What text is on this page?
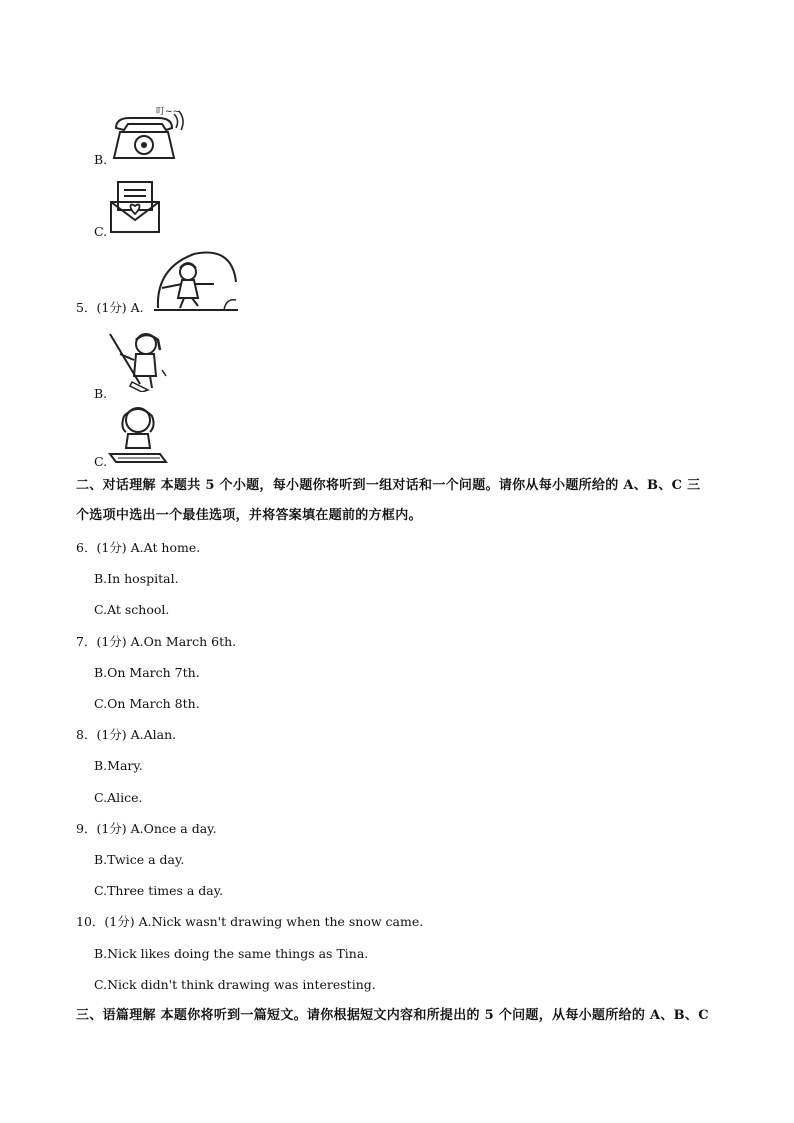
B.
叮~~
C.
5．(1分) A.
B.
C.
二、对话理解 本题共 5 个小题，每小题你将听到一组对话和一个问题。请你从每小题所给的 A、B、C 三
个选项中选出一个最佳选项，并将答案填在题前的方框内。
6．(1分) A.At home.
B.In hospital.
C.At school.
7．(1分) A.On March 6th.
B.On March 7th.
C.On March 8th.
8．(1分) A.Alan.
B.Mary.
C.Alice.
9．(1分) A.Once a day.
B.Twice a day.
C.Three times a day.
10．(1分) A.Nick wasn't drawing when the snow came.
B.Nick likes doing the same things as Tina.
C.Nick didn't think drawing was interesting.
三、语篇理解 本题你将听到一篇短文。请你根据短文内容和所提出的 5 个问题，从每小题所给的 A、B、C
